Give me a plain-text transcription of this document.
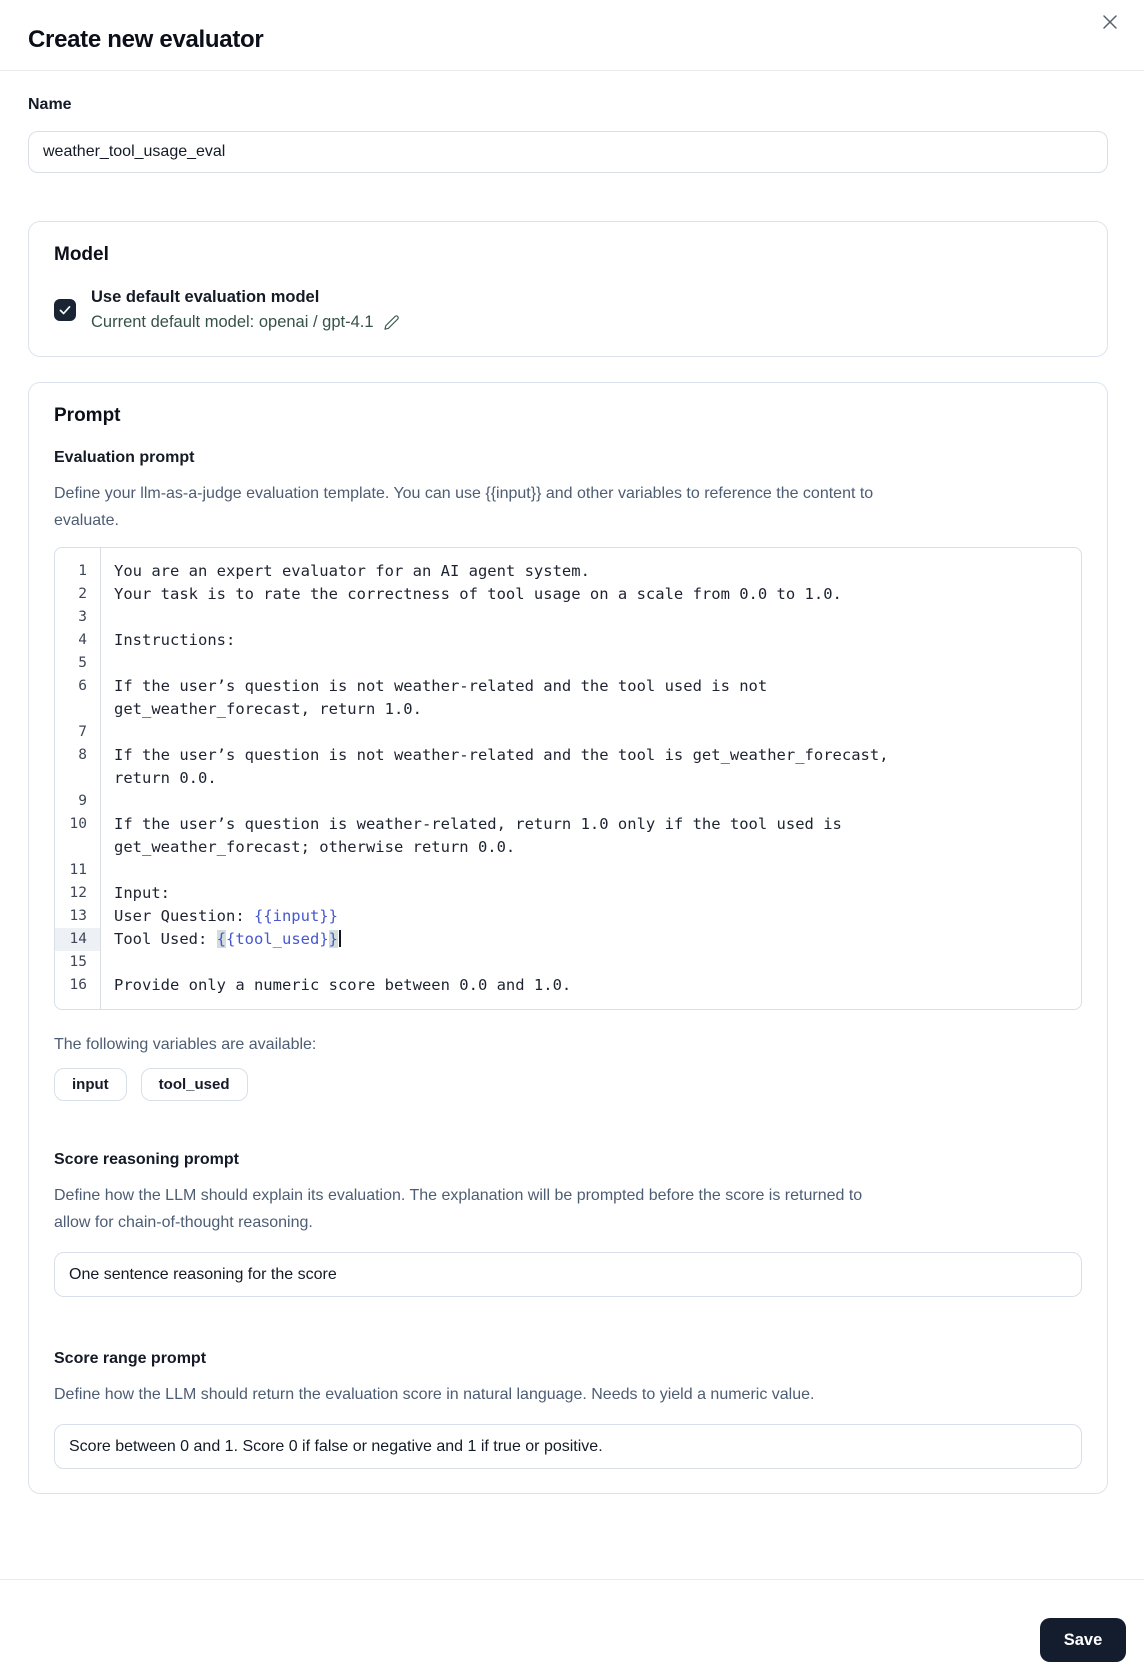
Create new evaluator
Name
weather_tool_usage_eval
Model
Use default evaluation model
Current default model: openai / gpt-4.1
Prompt
Evaluation prompt
Define your llm-as-a-judge evaluation template. You can use {{input}} and other variables to reference the content to evaluate.
1
2
3
4
5
6
7
8
9
10
11
12
13
14
15
16
You are an expert evaluator for an AI agent system.
Your task is to rate the correctness of tool usage on a scale from 0.0 to 1.0.
Instructions:
If the user’s question is not weather-related and the tool used is not
get_weather_forecast, return 1.0.
If the user’s question is not weather-related and the tool is get_weather_forecast,
return 0.0.
If the user’s question is weather-related, return 1.0 only if the tool used is
get_weather_forecast; otherwise return 0.0.
Input:
User Question: {{input}}
Tool Used: {{tool_used}}
Provide only a numeric score between 0.0 and 1.0.
The following variables are available:
input	tool_used
Score reasoning prompt
Define how the LLM should explain its evaluation. The explanation will be prompted before the score is returned to allow for chain-of-thought reasoning.
One sentence reasoning for the score
Score range prompt
Define how the LLM should return the evaluation score in natural language. Needs to yield a numeric value.
Score between 0 and 1. Score 0 if false or negative and 1 if true or positive.
Save
